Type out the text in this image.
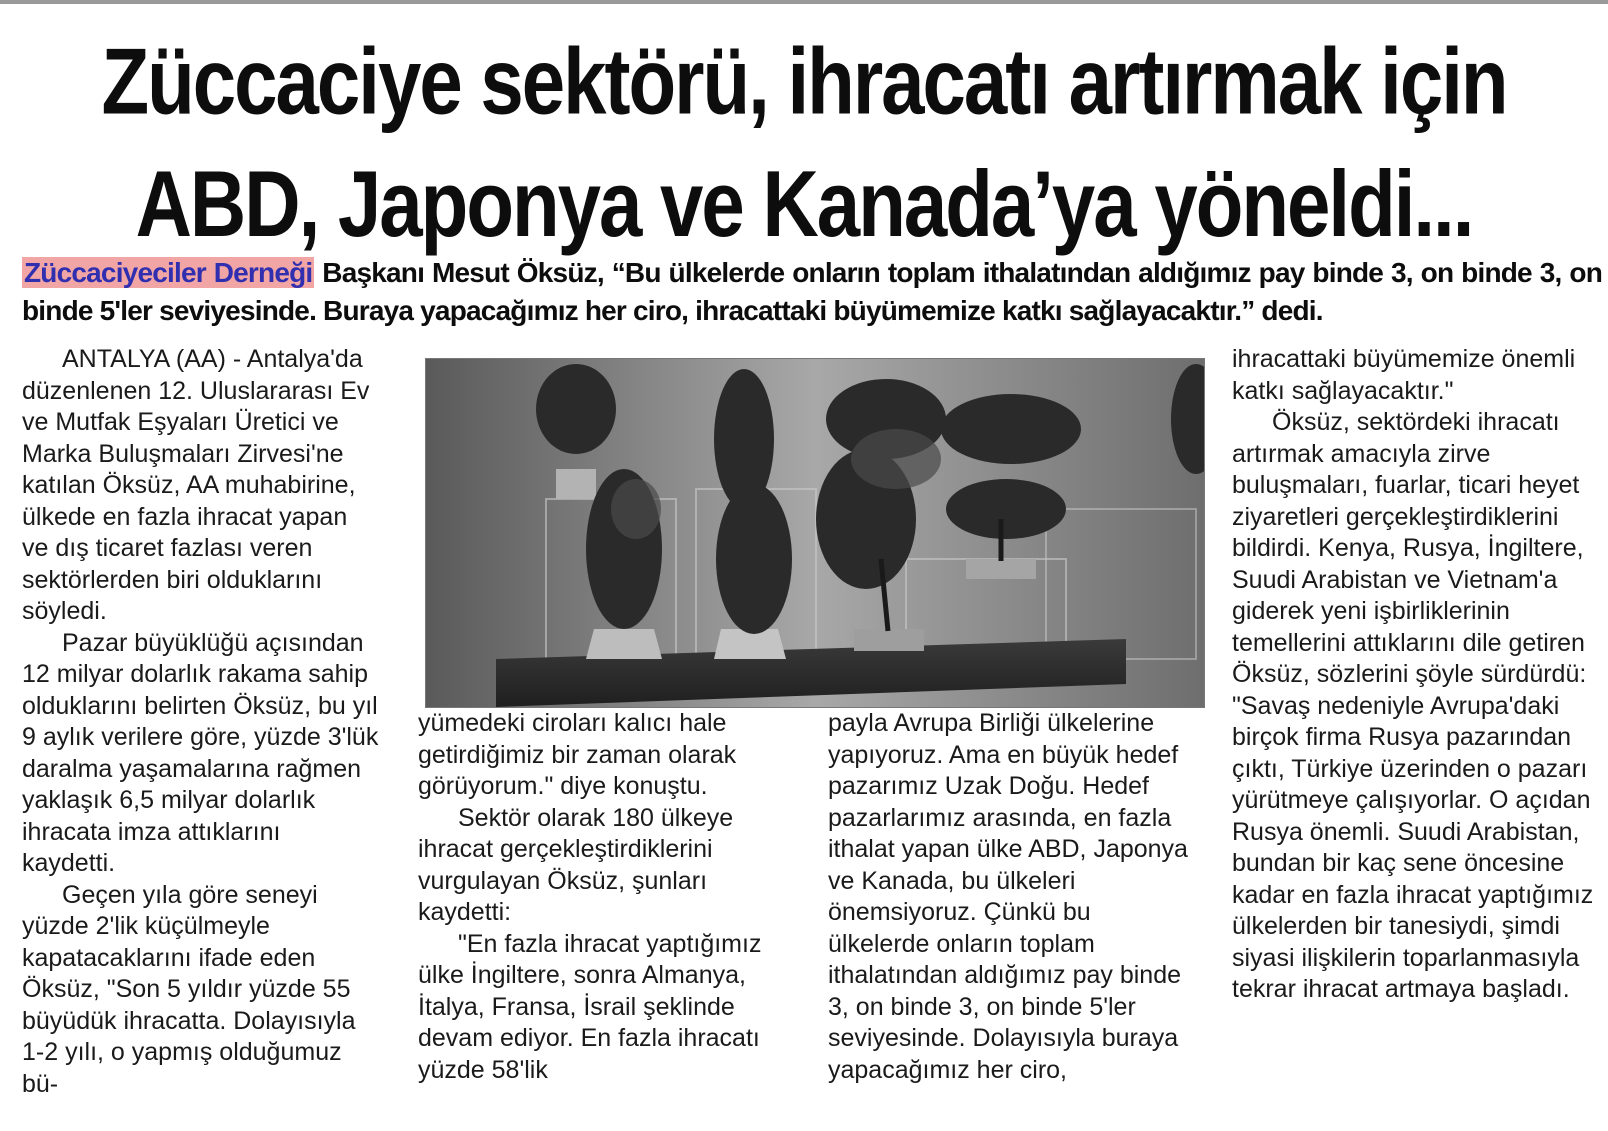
Züccaciye sektörü, ihracatı artırmak için
ABD, Japonya ve Kanada’ya yöneldi...
Züccaciyeciler Derneği Başkanı Mesut Öksüz, “Bu ülkelerde onların toplam ithalatından aldığımız pay binde 3, on binde 3, on binde 5'ler seviyesinde. Buraya yapacağımız her ciro, ihracattaki büyümemize katkı sağlayacaktır.” dedi.

ANTALYA (AA) - Antalya'da düzenlenen 12. Uluslararası Ev ve Mutfak Eşyaları Üretici ve Marka Buluşmaları Zirvesi'ne katılan Öksüz, AA muhabirine, ülkede en fazla ihracat yapan ve dış ticaret fazlası veren sektörlerden biri olduklarını söyledi.

Pazar büyüklüğü açısından 12 milyar dolarlık rakama sahip olduklarını belirten Öksüz, bu yıl 9 aylık verilere göre, yüzde 3'lük daralma yaşamalarına rağmen yaklaşık 6,5 milyar dolarlık ihracata imza attıklarını kaydetti.

Geçen yıla göre seneyi yüzde 2'lik küçülmeyle kapatacaklarını ifade eden Öksüz, "Son 5 yıldır yüzde 55 büyüdük ihracatta. Dolayısıyla 1-2 yılı, o yapmış olduğumuz bü-

yümedeki ciroları kalıcı hale getirdiğimiz bir zaman olarak görüyorum." diye konuştu.

Sektör olarak 180 ülkeye ihracat gerçekleştirdiklerini vurgulayan Öksüz, şunları kaydetti:

"En fazla ihracat yaptığımız ülke İngiltere, sonra Almanya, İtalya, Fransa, İsrail şeklinde devam ediyor. En fazla ihracatı yüzde 58'lik

payla Avrupa Birliği ülkelerine yapıyoruz. Ama en büyük hedef pazarımız Uzak Doğu. Hedef pazarlarımız arasında, en fazla ithalat yapan ülke ABD, Japonya ve Kanada, bu ülkeleri önemsiyoruz. Çünkü bu ülkelerde onların toplam ithalatından aldığımız pay binde 3, on binde 3, on binde 5'ler seviyesinde. Dolayısıyla buraya yapacağımız her ciro,

ihracattaki büyümemize önemli katkı sağlayacaktır."

Öksüz, sektördeki ihracatı artırmak amacıyla zirve buluşmaları, fuarlar, ticari heyet ziyaretleri gerçekleştirdiklerini bildirdi. Kenya, Rusya, İngiltere, Suudi Arabistan ve Vietnam'a giderek yeni işbirliklerinin temellerini attıklarını dile getiren Öksüz, sözlerini şöyle sürdürdü: "Savaş nedeniyle Avrupa'daki birçok firma Rusya pazarından çıktı, Türkiye üzerinden o pazarı yürütmeye çalışıyorlar. O açıdan Rusya önemli. Suudi Arabistan, bundan bir kaç sene öncesine kadar en fazla ihracat yaptığımız ülkelerden bir tanesiydi, şimdi siyasi ilişkilerin toparlanmasıyla tekrar ihracat artmaya başladı.
